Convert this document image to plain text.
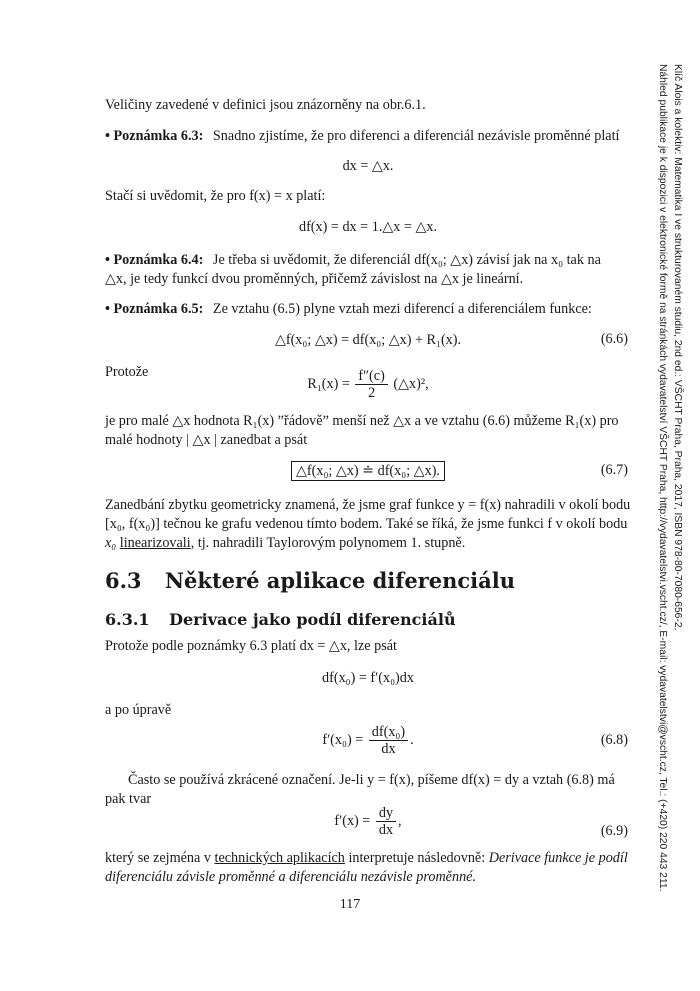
Veličiny zavedené v definici jsou znázorněny na obr.6.1.
• Poznámka 6.3: Snadno zjistíme, že pro diferenci a diferenciál nezávisle proměnné platí
dx = △x.
Stačí si uvědomit, že pro f(x) = x platí:
df(x) = dx = 1.△x = △x.
• Poznámka 6.4: Je třeba si uvědomit, že diferenciál df(x₀; △x) závisí jak na x₀ tak na
△x, je tedy funkcí dvou proměnných, přičemž závislost na △x je lineární.
• Poznámka 6.5: Ze vztahu (6.5) plyne vztah mezi diferencí a diferenciálem funkce:
△f(x₀; △x) = df(x₀; △x) + R₁(x).	(6.6)
Protože
$R_1(x) = \frac{f''(c)}{2}$ (△x)²,
je pro malé △x hodnota R₁(x) ”řádově” menší než △x a ve vztahu (6.6) můžeme R₁(x) pro
malé hodnoty | △x | zanedbat a psát
△f(x₀; △x) ≐ df(x₀; △x).	(6.7)
Zanedbání zbytku geometricky znamená, že jsme graf funkce y = f(x) nahradili v okolí bodu
[x₀, f(x₀)] tečnou ke grafu vedenou tímto bodem. Také se říká, že jsme funkci f v okolí bodu
x₀ linearizovali, tj. nahradili Taylorovým polynomem 1. stupně.
6.3 Některé aplikace diferenciálu
6.3.1 Derivace jako podíl diferenciálů
Protože podle poznámky 6.3 platí dx = △x, lze psát
df(x₀) = f′(x₀)dx
a po úpravě
$f'(x_0) = \frac{\text{df(x₀)}}{dx}$ .	(6.8)
Často se používá zkrácené označení. Je-li y = f(x), píšeme df(x) = dy a vztah (6.8) má
pak tvar
$f'(x) = \frac{dy}{dx}$ ,
(6.9)
který se zejména v technických aplikacích interpretuje následovně: Derivace funkce je podíl
diferenciálu závisle proměnné a diferenciálu nezávisle proměnné.
117
Klíč Alois a kolektiv: Matematika I ve strukturovaném studiu, 2nd ed.: VŠCHT Praha, Praha, 2017, ISBN 978-80-7080-656-2.
Náhled publikace je k dispozici v elektronické formě na stránkách vydavatelství VŠCHT Praha, http://vydavatelstvi.vscht.cz/, E-mail: vydavatelstvi@vscht.cz, Tel.: (+420) 220 443 211.
